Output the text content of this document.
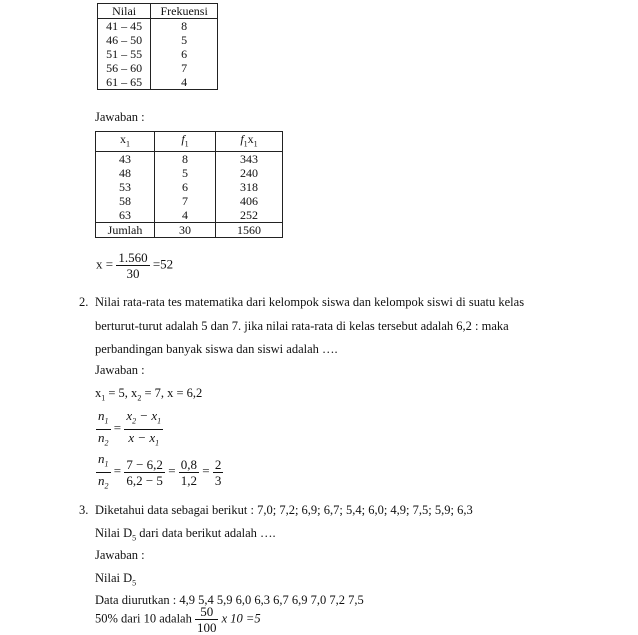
Nilai	Frekuensi
41 – 45	8
46 – 50	5
51 – 55	6
56 – 60	7
61 – 65	4
Jawaban :
$x_1$	$f_1$	$f_1x_1$
43	8	343
48	5	240
53	6	318
58	7	406
63	4	252
Jumlah	30	1560
$x = \frac{1.560}{30} =52$
2. Nilai rata-rata tes matematika dari kelompok siswa dan kelompok siswi di suatu kelas
berturut-turut adalah 5 dan 7. jika nilai rata-rata di kelas tersebut adalah 6,2 : maka
perbandingan banyak siswa dan siswi adalah ….
Jawaban :
$x_1 = 5$, $x_2 = 7$, x = 6,2
$\frac{n_1}{n_2} = \frac{x_2 - x_1}{x - x_1}$
$\frac{n_1}{n_2} = \frac{7 - 6,2}{6,2 - 5} = \frac{0,8}{1,2} = \frac{2}{3}$
3. Diketahui data sebagai berikut : 7,0; 7,2; 6,9; 6,7; 5,4; 6,0; 4,9; 7,5; 5,9; 6,3
Nilai $D_5$ dari data berikut adalah ….
Jawaban :
Nilai $D_5$
Data diurutkan : 4,9 5,4 5,9 6,0 6,3 6,7 6,9 7,0 7,2 7,5
50% dari 10 adalah $\frac{50}{100}$ x 10 =5
